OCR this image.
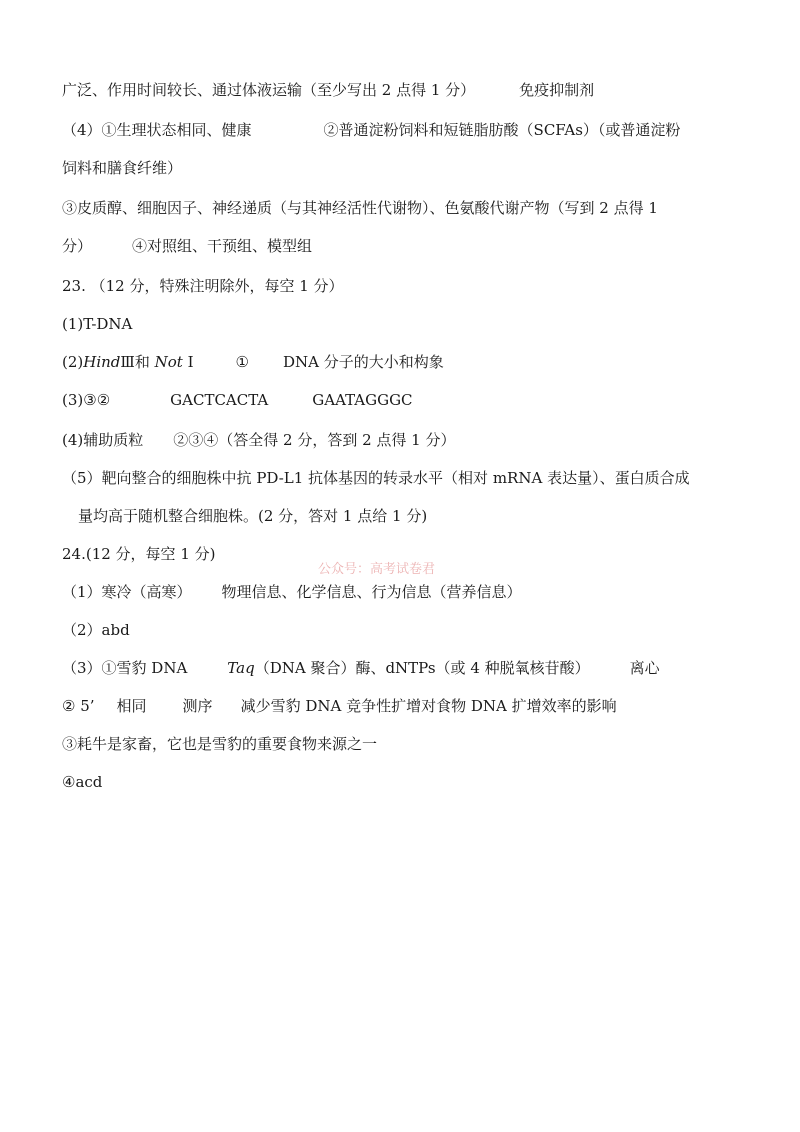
广泛、作用时间较长、通过体液运输（至少写出 2 点得 1 分）	免疫抑制剂
（4）①生理状态相同、健康	②普通淀粉饲料和短链脂肪酸（SCFAs）（或普通淀粉
饲料和膳食纤维）
③皮质醇、细胞因子、神经递质（与其神经活性代谢物）、色氨酸代谢产物（写到 2 点得 1
分）	④对照组、干预组、模型组
23. （12 分，特殊注明除外，每空 1 分）
(1)T-DNA
(2)HindⅢ和 Not Ⅰ	① DNA 分子的大小和构象
(3)③②	GACTCACTA	GAATAGGGC
(4)辅助质粒 ②③④（答全得 2 分，答到 2 点得 1 分）
（5）靶向整合的细胞株中抗 PD-L1 抗体基因的转录水平（相对 mRNA 表达量）、蛋白质合成
量均高于随机整合细胞株。(2 分，答对 1 点给 1 分)
24.(12 分，每空 1 分)
公众号：高考试卷君
（1）寒冷（高寒） 物理信息、化学信息、行为信息（营养信息）
（2）abd
（3）①雪豹 DNA	Taq（DNA 聚合）酶、dNTPs（或 4 种脱氧核苷酸）	离心
② 5’ 相同 测序 减少雪豹 DNA 竞争性扩增对食物 DNA 扩增效率的影响
③耗牛是家畜，它也是雪豹的重要食物来源之一
④acd
